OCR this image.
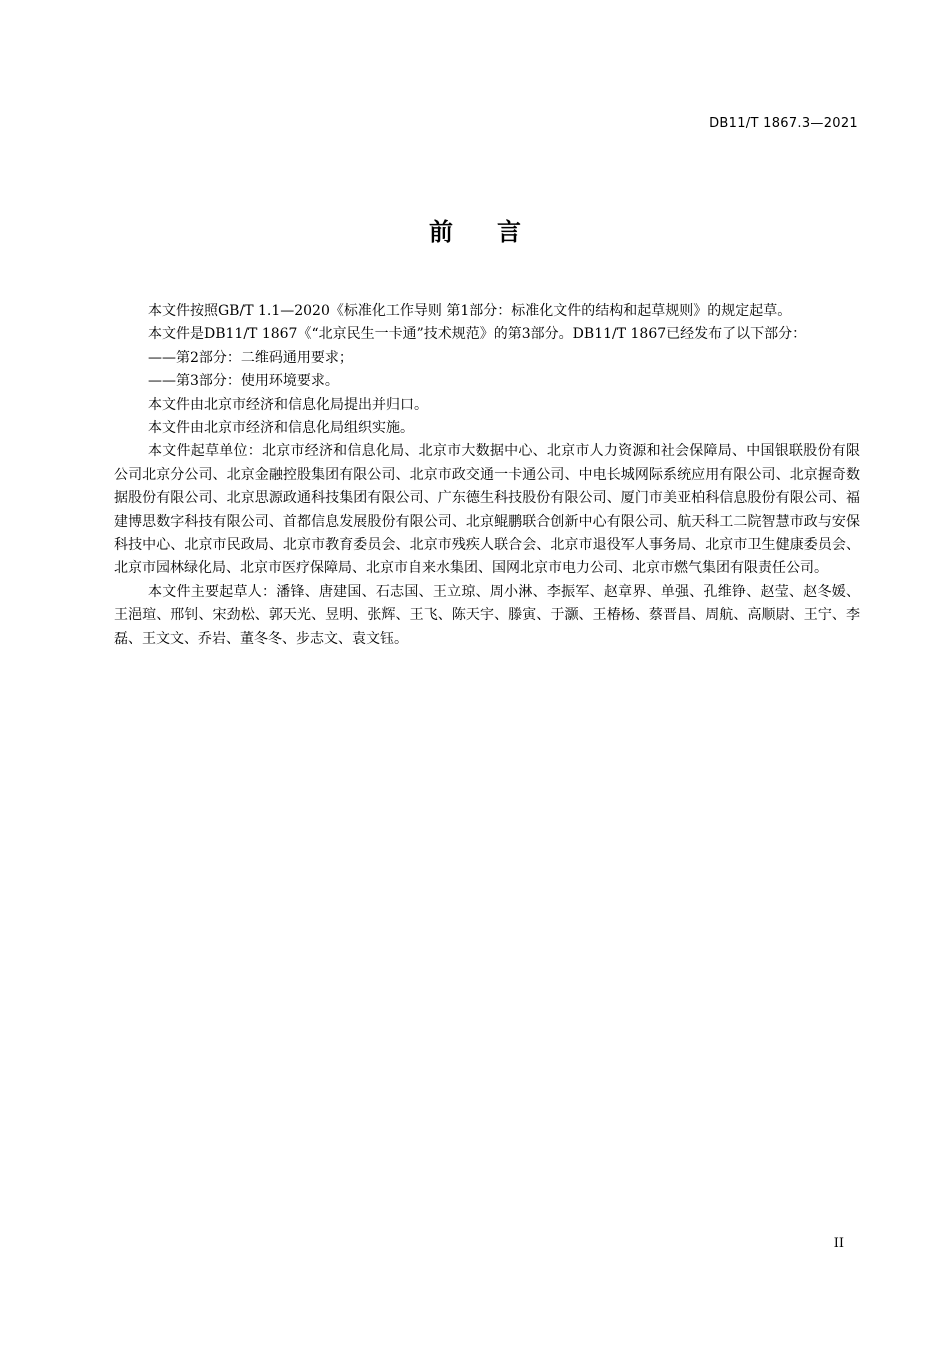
DB11/T 1867.3—2021
前言

本文件按照GB/T 1.1—2020《标准化工作导则 第1部分：标准化文件的结构和起草规则》的规定起草。

本文件是DB11/T 1867《“北京民生一卡通”技术规范》的第3部分。DB11/T 1867已经发布了以下部分：

——第2部分：二维码通用要求；

——第3部分：使用环境要求。

本文件由北京市经济和信息化局提出并归口。

本文件由北京市经济和信息化局组织实施。

本文件起草单位：北京市经济和信息化局、北京市大数据中心、北京市人力资源和社会保障局、中国银联股份有限公司北京分公司、北京金融控股集团有限公司、北京市政交通一卡通公司、中电长城网际系统应用有限公司、北京握奇数据股份有限公司、北京思源政通科技集团有限公司、广东德生科技股份有限公司、厦门市美亚柏科信息股份有限公司、福建博思数字科技有限公司、首都信息发展股份有限公司、北京鲲鹏联合创新中心有限公司、航天科工二院智慧市政与安保科技中心、北京市民政局、北京市教育委员会、北京市残疾人联合会、北京市退役军人事务局、北京市卫生健康委员会、北京市园林绿化局、北京市医疗保障局、北京市自来水集团、国网北京市电力公司、北京市燃气集团有限责任公司。

本文件主要起草人：潘锋、唐建国、石志国、王立琼、周小淋、李振军、赵章界、单强、孔维铮、赵莹、赵冬媛、王浥瑄、邢钊、宋劲松、郭天光、昱明、张辉、王飞、陈天宇、滕寅、于灏、王椿杨、蔡晋昌、周航、高顺尉、王宁、李磊、王文文、乔岩、董冬冬、步志文、袁文钰。

II
